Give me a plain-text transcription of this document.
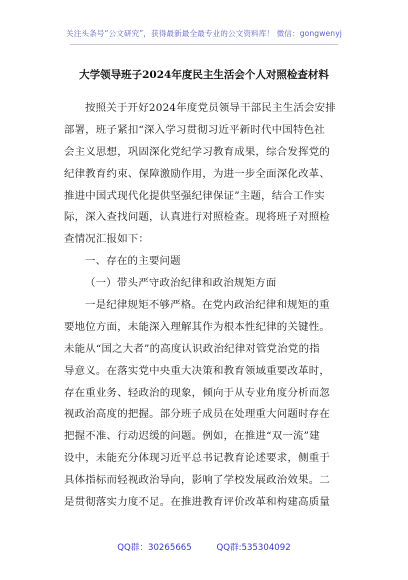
关注头条号“公文研究”，获得最新最全最专业的公文资料库！ 微信：gongwenyj
大学领导班子2024年度民主生活会个人对照检查材料
按照关于开好2024年度党员领导干部民主生活会安排
部署，班子紧扣“深入学习贯彻习近平新时代中国特色社
会主义思想，巩固深化党纪学习教育成果，综合发挥党的
纪律教育约束、保障激励作用，为进一步全面深化改革、
推进中国式现代化提供坚强纪律保证”主题，结合工作实
际，深入查找问题，认真进行对照检查。现将班子对照检
查情况汇报如下：
一、存在的主要问题
（一）带头严守政治纪律和政治规矩方面
一是纪律规矩不够严格。在党内政治纪律和规矩的重
要地位方面，未能深入理解其作为根本性纪律的关键性。
未能从“国之大者”的高度认识政治纪律对管党治党的指
导意义。在落实党中央重大决策和教育领域重要改革时，
存在重业务、轻政治的现象，倾向于从专业角度分析而忽
视政治高度的把握。部分班子成员在处理重大问题时存在
把握不准、行动迟缓的问题。例如，在推进“双一流”建
设中，未能充分体现习近平总书记教育论述要求，侧重于
具体指标而轻视政治导向，影响了学校发展政治效果。二
是贯彻落实力度不足。在推进教育评价改革和构建高质量
QQ群：30265665	QQ群:535304092
